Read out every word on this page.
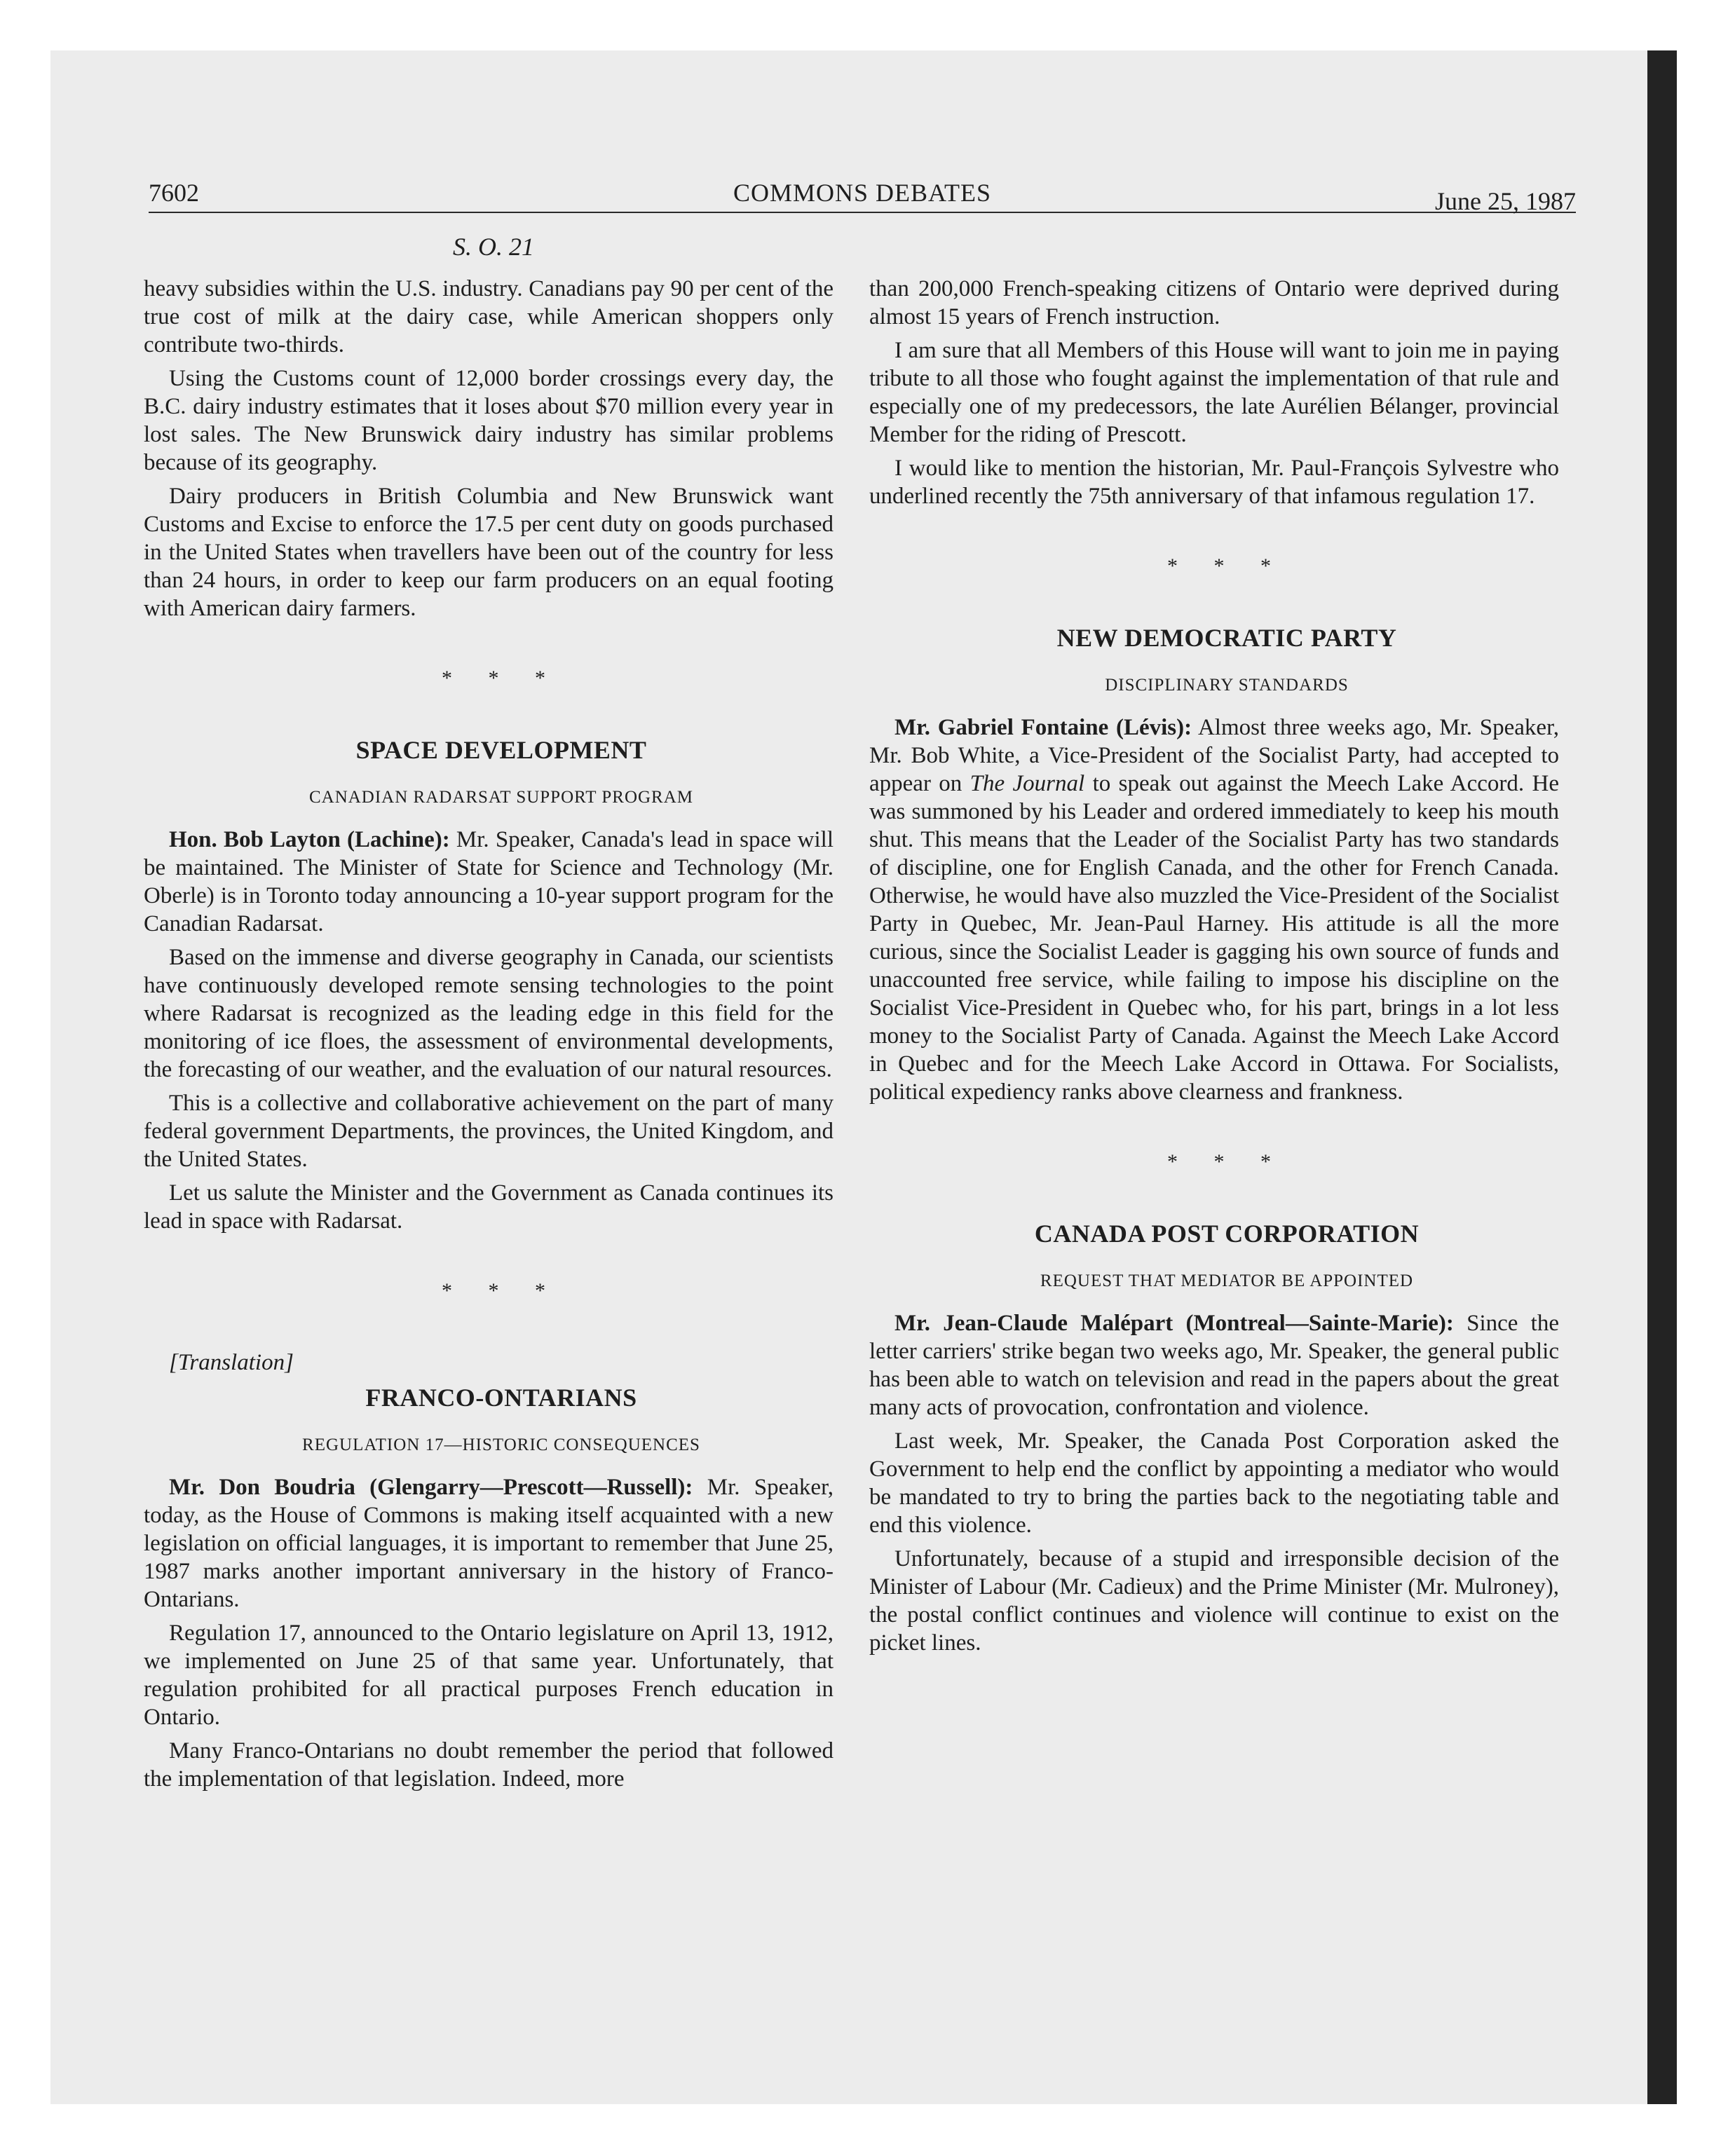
7602	COMMONS DEBATES	June 25, 1987
S. O. 21

heavy subsidies within the U.S. industry. Canadians pay 90 per cent of the true cost of milk at the dairy case, while American shoppers only contribute two-thirds.

Using the Customs count of 12,000 border crossings every day, the B.C. dairy industry estimates that it loses about $70 million every year in lost sales. The New Brunswick dairy industry has similar problems because of its geography.

Dairy producers in British Columbia and New Brunswick want Customs and Excise to enforce the 17.5 per cent duty on goods purchased in the United States when travellers have been out of the country for less than 24 hours, in order to keep our farm producers on an equal footing with American dairy farmers.

* * *

SPACE DEVELOPMENT

CANADIAN RADARSAT SUPPORT PROGRAM

Hon. Bob Layton (Lachine): Mr. Speaker, Canada's lead in space will be maintained. The Minister of State for Science and Technology (Mr. Oberle) is in Toronto today announcing a 10-year support program for the Canadian Radarsat.

Based on the immense and diverse geography in Canada, our scientists have continuously developed remote sensing technologies to the point where Radarsat is recognized as the leading edge in this field for the monitoring of ice floes, the assessment of environmental developments, the forecasting of our weather, and the evaluation of our natural resources.

This is a collective and collaborative achievement on the part of many federal government Departments, the provinces, the United Kingdom, and the United States.

Let us salute the Minister and the Government as Canada continues its lead in space with Radarsat.

* * *

[Translation]

FRANCO-ONTARIANS

REGULATION 17—HISTORIC CONSEQUENCES

Mr. Don Boudria (Glengarry—Prescott—Russell): Mr. Speaker, today, as the House of Commons is making itself acquainted with a new legislation on official languages, it is important to remember that June 25, 1987 marks another important anniversary in the history of Franco-Ontarians.

Regulation 17, announced to the Ontario legislature on April 13, 1912, we implemented on June 25 of that same year. Unfortunately, that regulation prohibited for all practical purposes French education in Ontario.

Many Franco-Ontarians no doubt remember the period that followed the implementation of that legislation. Indeed, more

than 200,000 French-speaking citizens of Ontario were deprived during almost 15 years of French instruction.

I am sure that all Members of this House will want to join me in paying tribute to all those who fought against the implementation of that rule and especially one of my predecessors, the late Aurélien Bélanger, provincial Member for the riding of Prescott.

I would like to mention the historian, Mr. Paul-François Sylvestre who underlined recently the 75th anniversary of that infamous regulation 17.

* * *

NEW DEMOCRATIC PARTY

DISCIPLINARY STANDARDS

Mr. Gabriel Fontaine (Lévis): Almost three weeks ago, Mr. Speaker, Mr. Bob White, a Vice-President of the Socialist Party, had accepted to appear on The Journal to speak out against the Meech Lake Accord. He was summoned by his Leader and ordered immediately to keep his mouth shut. This means that the Leader of the Socialist Party has two standards of discipline, one for English Canada, and the other for French Canada. Otherwise, he would have also muzzled the Vice-President of the Socialist Party in Quebec, Mr. Jean-Paul Harney. His attitude is all the more curious, since the Socialist Leader is gagging his own source of funds and unaccounted free service, while failing to impose his discipline on the Socialist Vice-President in Quebec who, for his part, brings in a lot less money to the Socialist Party of Canada. Against the Meech Lake Accord in Quebec and for the Meech Lake Accord in Ottawa. For Socialists, political expediency ranks above clearness and frankness.

* * *

CANADA POST CORPORATION

REQUEST THAT MEDIATOR BE APPOINTED

Mr. Jean-Claude Malépart (Montreal—Sainte-Marie): Since the letter carriers' strike began two weeks ago, Mr. Speaker, the general public has been able to watch on television and read in the papers about the great many acts of provocation, confrontation and violence.

Last week, Mr. Speaker, the Canada Post Corporation asked the Government to help end the conflict by appointing a mediator who would be mandated to try to bring the parties back to the negotiating table and end this violence.

Unfortunately, because of a stupid and irresponsible decision of the Minister of Labour (Mr. Cadieux) and the Prime Minister (Mr. Mulroney), the postal conflict continues and violence will continue to exist on the picket lines.
